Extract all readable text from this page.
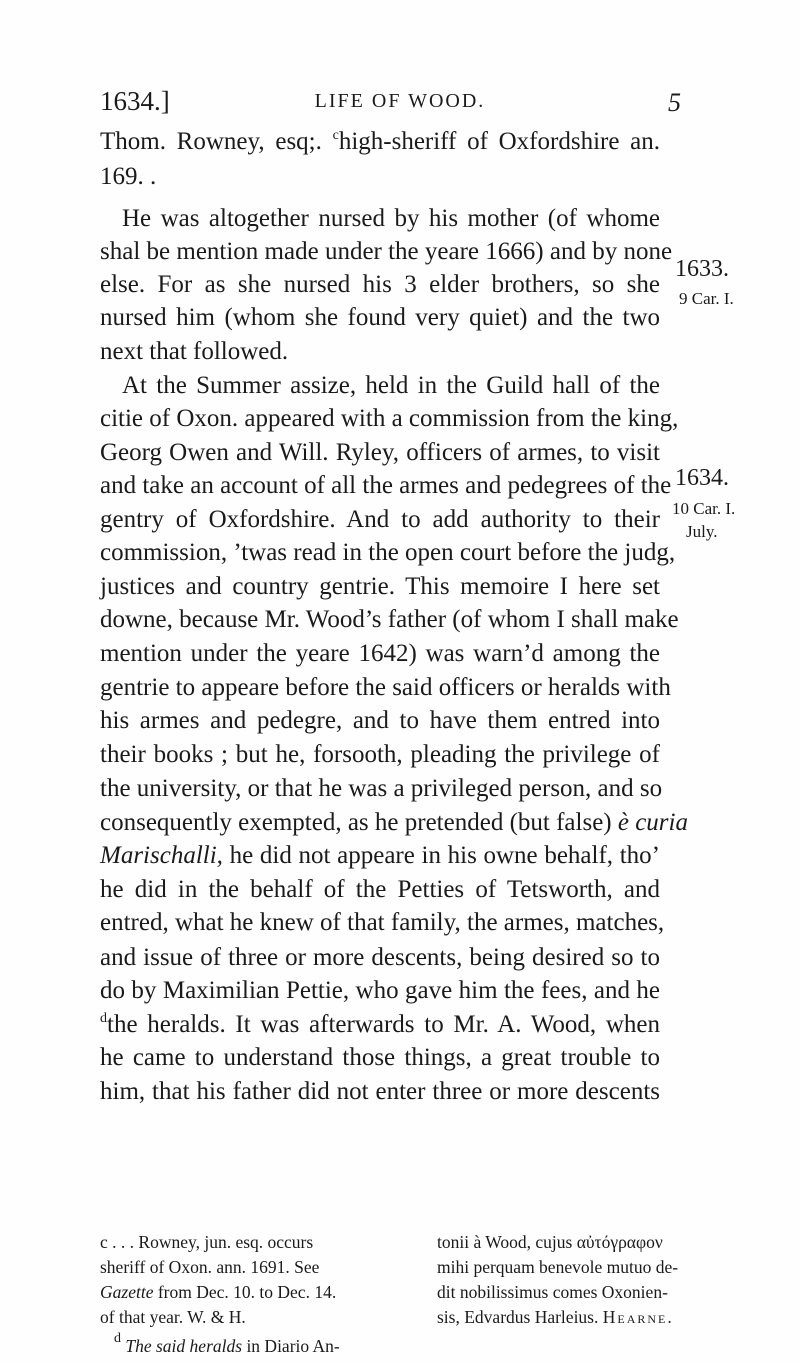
1634.]	LIFE OF WOOD.	5
Thom. Rowney, esq;. $^c$high-sheriff of Oxfordshire an.
169. .
He was altogether nursed by his mother (of whome
shal be mention made under the yeare 1666) and by none
else. For as she nursed his 3 elder brothers, so she
nursed him (whom she found very quiet) and the two
next that followed.
At the Summer assize, held in the Guild hall of the
citie of Oxon. appeared with a commission from the king,
Georg Owen and Will. Ryley, officers of armes, to visit
and take an account of all the armes and pedegrees of the
gentry of Oxfordshire. And to add authority to their
commission, ’twas read in the open court before the judg,
justices and country gentrie. This memoire I here set
downe, because Mr. Wood’s father (of whom I shall make
mention under the yeare 1642) was warn’d among the
gentrie to appeare before the said officers or heralds with
his armes and pedegre, and to have them entred into
their books ; but he, forsooth, pleading the privilege of
the university, or that he was a privileged person, and so
consequently exempted, as he pretended (but false) è curia
Marischalli, he did not appeare in his owne behalf, tho’
he did in the behalf of the Petties of Tetsworth, and
entred, what he knew of that family, the armes, matches,
and issue of three or more descents, being desired so to
do by Maximilian Pettie, who gave him the fees, and he
$^d$the heralds. It was afterwards to Mr. A. Wood, when
he came to understand those things, a great trouble to
him, that his father did not enter three or more descents
1633.
9 Car. I.
1634.
10 Car. I.
July.
c . . . Rowney, jun. esq. occurs
sheriff of Oxon. ann. 1691. See
Gazette from Dec. 10. to Dec. 14.
of that year. W. & H.
$^d$ The said heralds in Diario An-
tonii à Wood, cujus αὐτόγραφον
mihi perquam benevole mutuo de-
dit nobilissimus comes Oxonien-
sis, Edvardus Harleius. Hearne.
